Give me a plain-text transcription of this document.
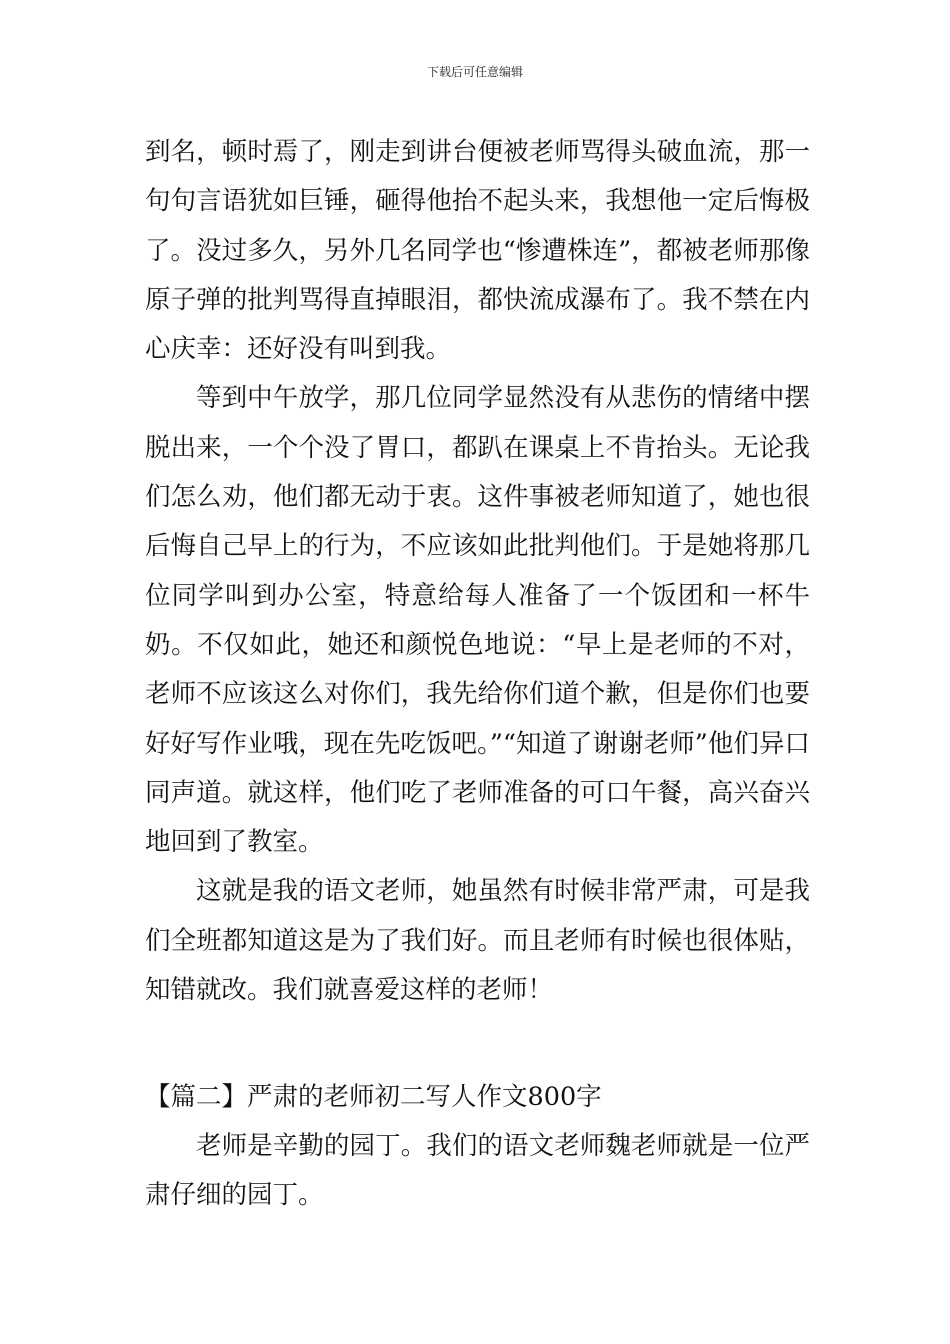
下载后可任意编辑

到名，顿时焉了，刚走到讲台便被老师骂得头破血流，那一句句言语犹如巨锤，砸得他抬不起头来，我想他一定后悔极了。没过多久，另外几名同学也“惨遭株连”，都被老师那像原子弹的批判骂得直掉眼泪，都快流成瀑布了。我不禁在内心庆幸：还好没有叫到我。

等到中午放学，那几位同学显然没有从悲伤的情绪中摆脱出来，一个个没了胃口，都趴在课桌上不肯抬头。无论我们怎么劝，他们都无动于衷。这件事被老师知道了，她也很后悔自己早上的行为，不应该如此批判他们。于是她将那几位同学叫到办公室，特意给每人准备了一个饭团和一杯牛奶。不仅如此，她还和颜悦色地说：“早上是老师的不对，老师不应该这么对你们，我先给你们道个歉，但是你们也要好好写作业哦，现在先吃饭吧。”“知道了谢谢老师”他们异口同声道。就这样，他们吃了老师准备的可口午餐，高兴奋兴地回到了教室。

这就是我的语文老师，她虽然有时候非常严肃，可是我们全班都知道这是为了我们好。而且老师有时候也很体贴，知错就改。我们就喜爱这样的老师！

【篇二】严肃的老师初二写人作文800字

老师是辛勤的园丁。我们的语文老师魏老师就是一位严肃仔细的园丁。
